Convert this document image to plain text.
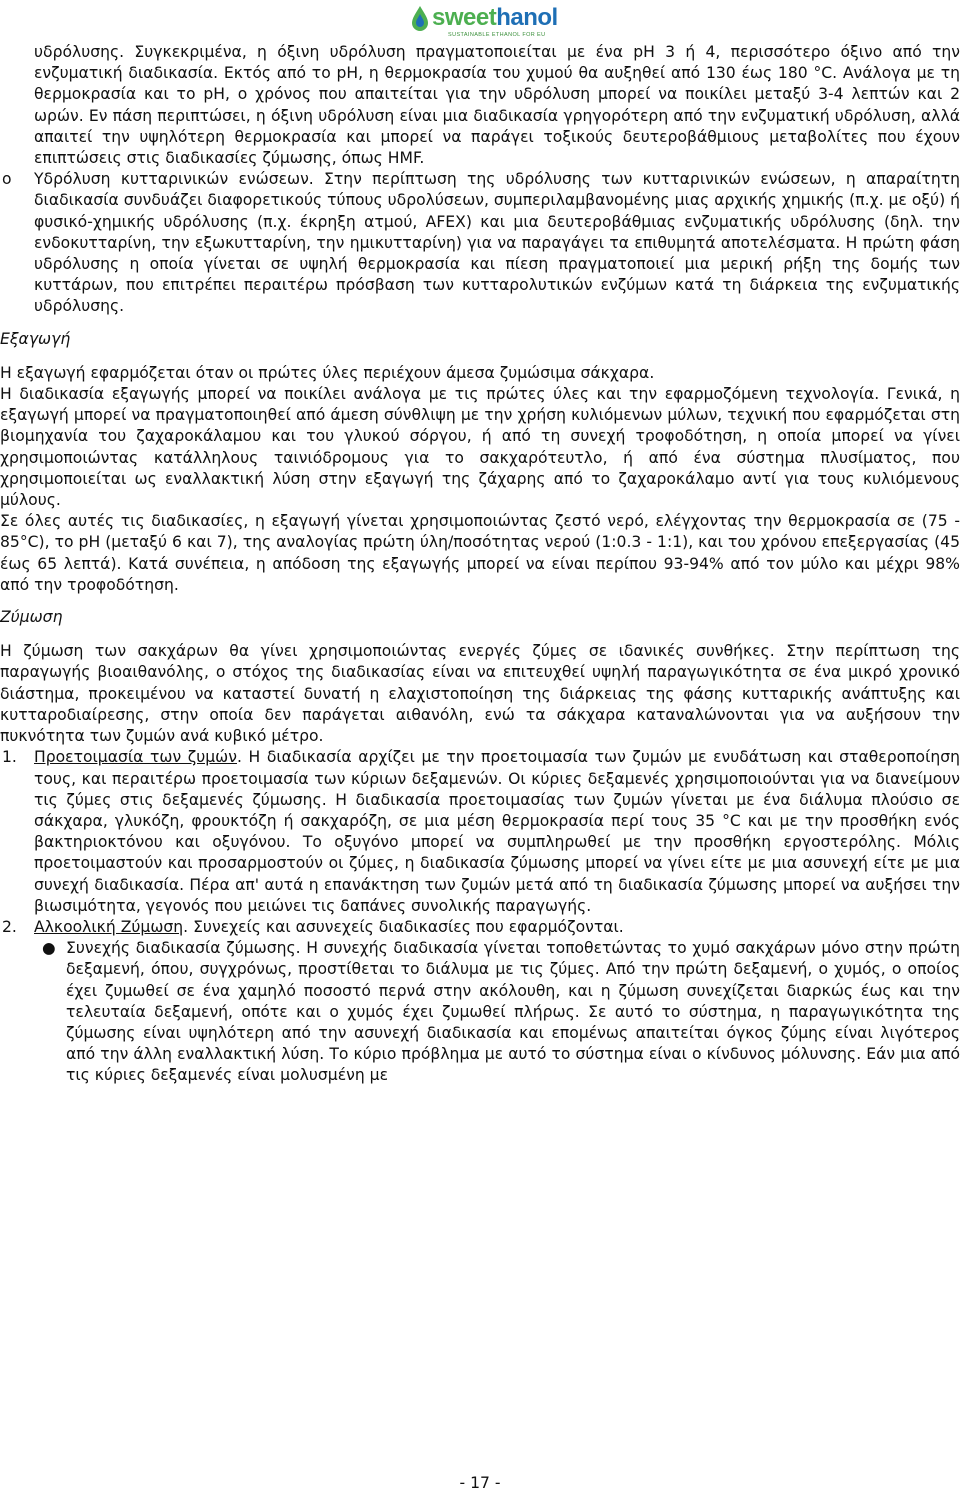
sweethanol
SUSTAINABLE ETHANOL FOR EU

υδρόλυσης. Συγκεκριμένα, η όξινη υδρόλυση πραγματοποιείται με ένα pH 3 ή 4, περισσότερο όξινο από την ενζυματική διαδικασία. Εκτός από το pH, η θερμοκρασία του χυμού θα αυξηθεί από 130 έως 180 °C. Ανάλογα με τη θερμοκρασία και το pH, ο χρόνος που απαιτείται για την υδρόλυση μπορεί να ποικίλει μεταξύ 3-4 λεπτών και 2 ωρών. Εν πάση περιπτώσει, η όξινη υδρόλυση είναι μια διαδικασία γρηγορότερη από την ενζυματική υδρόλυση, αλλά απαιτεί την υψηλότερη θερμοκρασία και μπορεί να παράγει τοξικούς δευτεροβάθμιους μεταβολίτες που έχουν επιπτώσεις στις διαδικασίες ζύμωσης, όπως HMF.

o Υδρόλυση κυτταρινικών ενώσεων. Στην περίπτωση της υδρόλυσης των κυτταρινικών ενώσεων, η απαραίτητη διαδικασία συνδυάζει διαφορετικούς τύπους υδρολύσεων, συμπεριλαμβανομένης μιας αρχικής χημικής (π.χ. με οξύ) ή φυσικό-χημικής υδρόλυσης (π.χ. έκρηξη ατμού, AFEX) και μια δευτεροβάθμιας ενζυματικής υδρόλυσης (δηλ. την ενδοκυτταρίνη, την εξωκυτταρίνη, την ημικυτταρίνη) για να παραγάγει τα επιθυμητά αποτελέσματα. Η πρώτη φάση υδρόλυσης η οποία γίνεται σε υψηλή θερμοκρασία και πίεση πραγματοποιεί μια μερική ρήξη της δομής των κυττάρων, που επιτρέπει περαιτέρω πρόσβαση των κυτταρολυτικών ενζύμων κατά τη διάρκεια της ενζυματικής υδρόλυσης.

Εξαγωγή

Η εξαγωγή εφαρμόζεται όταν οι πρώτες ύλες περιέχουν άμεσα ζυμώσιμα σάκχαρα.

Η διαδικασία εξαγωγής μπορεί να ποικίλει ανάλογα με τις πρώτες ύλες και την εφαρμοζόμενη τεχνολογία. Γενικά, η εξαγωγή μπορεί να πραγματοποιηθεί από άμεση σύνθλιψη με την χρήση κυλιόμενων μύλων, τεχνική που εφαρμόζεται στη βιομηχανία του ζαχαροκάλαμου και του γλυκού σόργου, ή από τη συνεχή τροφοδότηση, η οποία μπορεί να γίνει χρησιμοποιώντας κατάλληλους ταινιόδρομους για το σακχαρότευτλο, ή από ένα σύστημα πλυσίματος, που χρησιμοποιείται ως εναλλακτική λύση στην εξαγωγή της ζάχαρης από το ζαχαροκάλαμο αντί για τους κυλιόμενους μύλους.

Σε όλες αυτές τις διαδικασίες, η εξαγωγή γίνεται χρησιμοποιώντας ζεστό νερό, ελέγχοντας την θερμοκρασία σε (75 - 85°C), το pH (μεταξύ 6 και 7), της αναλογίας πρώτη ύλη/ποσότητας νερού (1:0.3 - 1:1), και του χρόνου επεξεργασίας (45 έως 65 λεπτά). Κατά συνέπεια, η απόδοση της εξαγωγής μπορεί να είναι περίπου 93-94% από τον μύλο και μέχρι 98% από την τροφοδότηση.

Ζύμωση

Η ζύμωση των σακχάρων θα γίνει χρησιμοποιώντας ενεργές ζύμες σε ιδανικές συνθήκες. Στην περίπτωση της παραγωγής βιοαιθανόλης, ο στόχος της διαδικασίας είναι να επιτευχθεί υψηλή παραγωγικότητα σε ένα μικρό χρονικό διάστημα, προκειμένου να καταστεί δυνατή η ελαχιστοποίηση της διάρκειας της φάσης κυτταρικής ανάπτυξης και κυτταροδιαίρεσης, στην οποία δεν παράγεται αιθανόλη, ενώ τα σάκχαρα καταναλώνονται για να αυξήσουν την πυκνότητα των ζυμών ανά κυβικό μέτρο.

1. Προετοιμασία των ζυμών. Η διαδικασία αρχίζει με την προετοιμασία των ζυμών με ενυδάτωση και σταθεροποίηση τους, και περαιτέρω προετοιμασία των κύριων δεξαμενών. Οι κύριες δεξαμενές χρησιμοποιούνται για να διανείμουν τις ζύμες στις δεξαμενές ζύμωσης. Η διαδικασία προετοιμασίας των ζυμών γίνεται με ένα διάλυμα πλούσιο σε σάκχαρα, γλυκόζη, φρουκτόζη ή σακχαρόζη, σε μια μέση θερμοκρασία περί τους 35 °C και με την προσθήκη ενός βακτηριοκτόνου και οξυγόνου. Το οξυγόνο μπορεί να συμπληρωθεί με την προσθήκη εργοστερόλης. Μόλις προετοιμαστούν και προσαρμοστούν οι ζύμες, η διαδικασία ζύμωσης μπορεί να γίνει είτε με μια ασυνεχή είτε με μια συνεχή διαδικασία. Πέρα απ' αυτά η επανάκτηση των ζυμών μετά από τη διαδικασία ζύμωσης μπορεί να αυξήσει την βιωσιμότητα, γεγονός που μειώνει τις δαπάνες συνολικής παραγωγής.
2. Αλκοολική Ζύμωση. Συνεχείς και ασυνεχείς διαδικασίες που εφαρμόζονται.
● Συνεχής διαδικασία ζύμωσης. Η συνεχής διαδικασία γίνεται τοποθετώντας το χυμό σακχάρων μόνο στην πρώτη δεξαμενή, όπου, συγχρόνως, προστίθεται το διάλυμα με τις ζύμες. Από την πρώτη δεξαμενή, ο χυμός, ο οποίος έχει ζυμωθεί σε ένα χαμηλό ποσοστό περνά στην ακόλουθη, και η ζύμωση συνεχίζεται διαρκώς έως και την τελευταία δεξαμενή, οπότε και ο χυμός έχει ζυμωθεί πλήρως. Σε αυτό το σύστημα, η παραγωγικότητα της ζύμωσης είναι υψηλότερη από την ασυνεχή διαδικασία και επομένως απαιτείται όγκος ζύμης είναι λιγότερος από την άλλη εναλλακτική λύση. Το κύριο πρόβλημα με αυτό το σύστημα είναι ο κίνδυνος μόλυνσης. Εάν μια από τις κύριες δεξαμενές είναι μολυσμένη με
- 17 -
